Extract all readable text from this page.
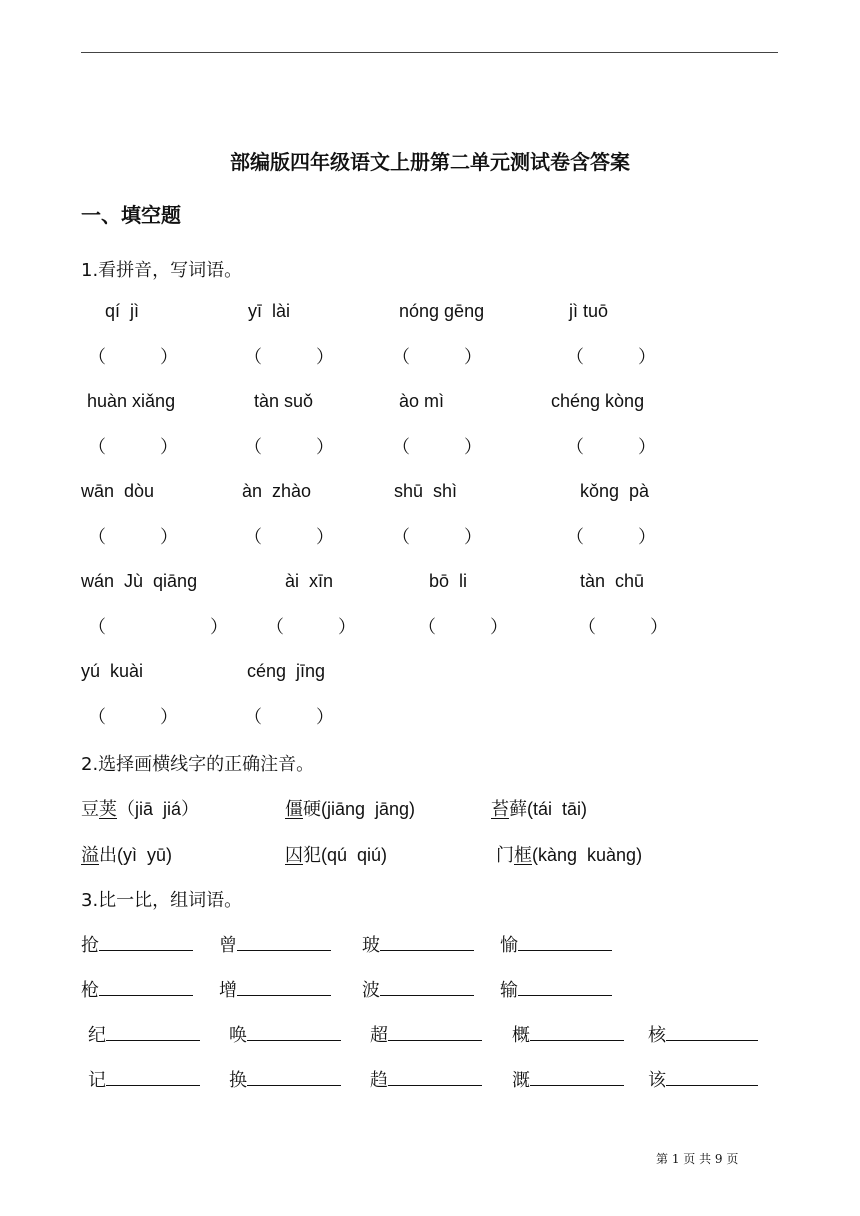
部编版四年级语文上册第二单元测试卷含答案
一、填空题
1.看拼音，写词语。
qí  jì	yī  lài	nóng gēng	jì tuō
（	）	（	）	（	）	（	）
huàn xiǎng	tàn suǒ	ào mì	chéng kòng
（	）	（	）	（	）	（	）
wān  dòu	àn  zhào	shū  shì	kǒng  pà
（	）	（	）	（	）	（	）
wán  Jù  qiāng	ài  xīn	bō  li	tàn  chū
（	） （	）	（	）	（	）
yú  kuài	céng  jīng
（	）	（	）
2.选择画横线字的正确注音。
豆荚（jiā  jiá）	僵硬(jiāng  jāng)	苔藓(tái  tāi)
溢出(yì  yū)	囚犯(qú  qiú)	门框(kàng  kuàng)
3.比一比，组词语。
抢	曾	玻	愉
枪	增	波	输
纪	唤	超	概	核
记	换	趋	溉	该
第 1 页 共 9 页
